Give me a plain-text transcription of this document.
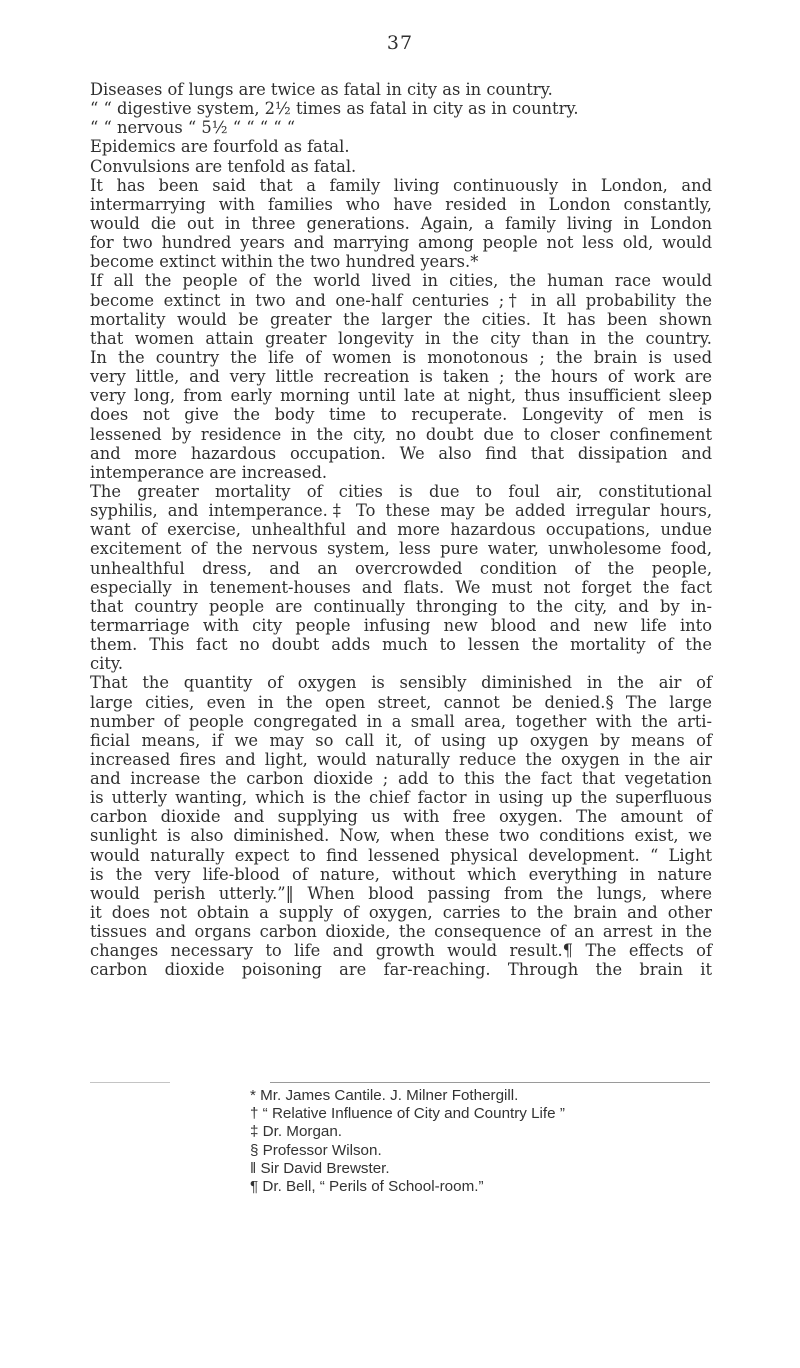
37
Diseases of lungs are twice as fatal in city as in country.
“ “ digestive system, 2½ times as fatal in city as in country.
“ “ nervous “ 5½ “ “ “ “ “
Epidemics are fourfold as fatal.
Convulsions are tenfold as fatal.
It has been said that a family living continuously in London, and
intermarrying with families who have resided in London constantly,
would die out in three generations. Again, a family living in London
for two hundred years and marrying among people not less old, would
become extinct within the two hundred years.*
If all the people of the world lived in cities, the human race would
become extinct in two and one-half centuries ;† in all probability the
mortality would be greater the larger the cities. It has been shown
that women attain greater longevity in the city than in the country.
In the country the life of women is monotonous ; the brain is used
very little, and very little recreation is taken ; the hours of work are
very long, from early morning until late at night, thus insufficient sleep
does not give the body time to recuperate. Longevity of men is
lessened by residence in the city, no doubt due to closer confinement
and more hazardous occupation. We also find that dissipation and
intemperance are increased.
The greater mortality of cities is due to foul air, constitutional
syphilis, and intemperance.‡ To these may be added irregular hours,
want of exercise, unhealthful and more hazardous occupations, undue
excitement of the nervous system, less pure water, unwholesome food,
unhealthful dress, and an overcrowded condition of the people,
especially in tenement-houses and flats. We must not forget the fact
that country people are continually thronging to the city, and by in-
termarriage with city people infusing new blood and new life into
them. This fact no doubt adds much to lessen the mortality of the
city.
That the quantity of oxygen is sensibly diminished in the air of
large cities, even in the open street, cannot be denied.§ The large
number of people congregated in a small area, together with the arti-
ficial means, if we may so call it, of using up oxygen by means of
increased fires and light, would naturally reduce the oxygen in the air
and increase the carbon dioxide ; add to this the fact that vegetation
is utterly wanting, which is the chief factor in using up the superfluous
carbon dioxide and supplying us with free oxygen. The amount of
sunlight is also diminished. Now, when these two conditions exist, we
would naturally expect to find lessened physical development. “ Light
is the very life-blood of nature, without which everything in nature
would perish utterly.”‖ When blood passing from the lungs, where
it does not obtain a supply of oxygen, carries to the brain and other
tissues and organs carbon dioxide, the consequence of an arrest in the
changes necessary to life and growth would result.¶ The effects of
carbon dioxide poisoning are far-reaching. Through the brain it
* Mr. James Cantile. J. Milner Fothergill.
† “ Relative Influence of City and Country Life ”
‡ Dr. Morgan.
§ Professor Wilson.
‖ Sir David Brewster.
¶ Dr. Bell, “ Perils of School-room.”
